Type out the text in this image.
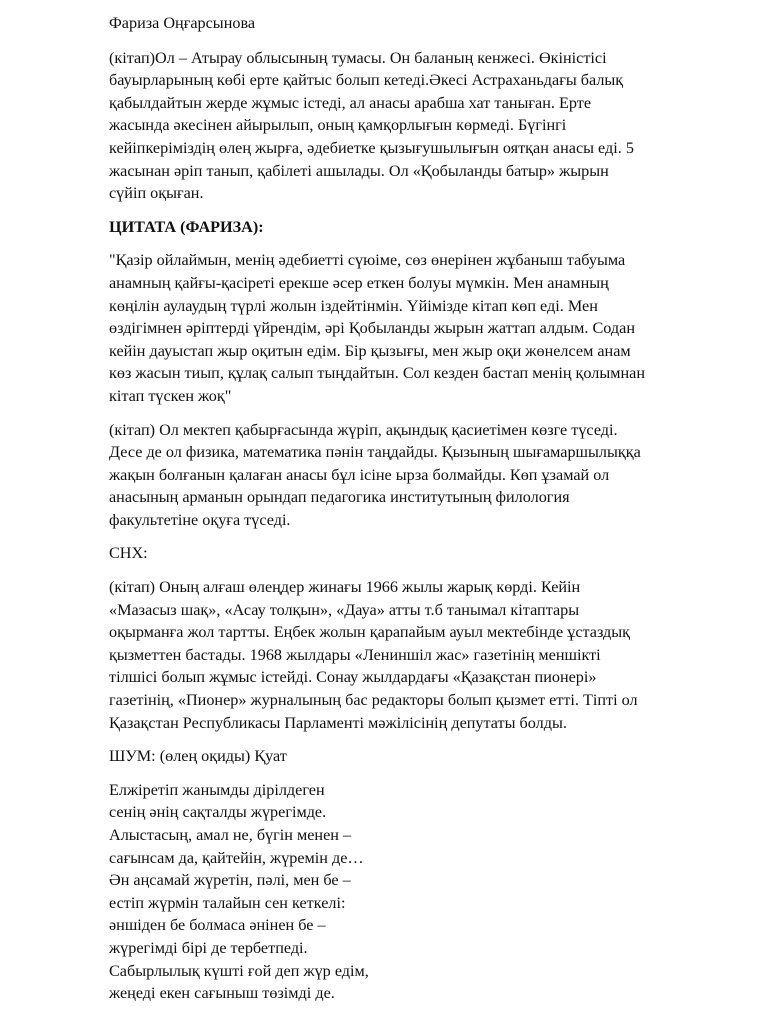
Фариза Оңғарсынова
(кітап)Ол – Атырау облысының тумасы. Он баланың кенжесі. Өкіністісі
бауырларының көбі ерте қайтыс болып кетеді.Әкесі Астраханьдағы балық
қабылдайтын жерде жұмыс істеді, ал анасы арабша хат таныған. Ерте
жасында әкесінен айырылып, оның қамқорлығын көрмеді. Бүгінгі
кейіпкеріміздің өлең жырға, әдебиетке қызығушылығын оятқан анасы еді. 5
жасынан әріп танып, қабілеті ашылады. Ол «Қобыланды батыр» жырын
сүйіп оқыған.
ЦИТАТА (ФАРИЗА):
"Қазір ойлаймын, менің әдебиетті сүюіме, сөз өнерінен жұбаныш табуыма
анамның қайғы-қасіреті ерекше әсер еткен болуы мүмкін. Мен анамның
көңілін аулаудың түрлі жолын іздейтінмін. Үйімізде кітап көп еді. Мен
өздігімнен әріптерді үйрендім, әрі Қобыланды жырын жаттап алдым. Содан
кейін дауыстап жыр оқитын едім. Бір қызығы, мен жыр оқи жөнелсем анам
көз жасын тиып, құлақ салып тыңдайтын. Сол кезден бастап менің қолымнан
кітап түскен жоқ"
(кітап) Ол мектеп қабырғасында жүріп, ақындық қасиетімен көзге түседі.
Десе де ол физика, математика пәнін таңдайды. Қызының шығамаршылыққа
жақын болғанын қалаған анасы бұл ісіне ырза болмайды. Көп ұзамай ол
анасының арманын орындап педагогика институтының филология
факультетіне оқуға түседі.
СНХ:
(кітап) Оның алғаш өлеңдер жинағы 1966 жылы жарық көрді. Кейін
«Мазасыз шақ», «Асау толқын», «Дауа» атты т.б танымал кітаптары
оқырманға жол тартты. Еңбек жолын қарапайым ауыл мектебінде ұстаздық
қызметтен бастады. 1968 жылдары «Лениншіл жас» газетінің меншікті
тілшісі болып жұмыс істейді. Сонау жылдардағы «Қазақстан пионері»
газетінің, «Пионер» журналының бас редакторы болып қызмет етті. Тіпті ол
Қазақстан Республикасы Парламенті мәжілісінің депутаты болды.
ШУМ: (өлең оқиды) Қуат
Елжіретіп жанымды дірілдеген
сенің әнің сақталды жүрегімде.
Алыстасың, амал не, бүгін менен –
сағынсам да, қайтейін, жүремін де…
Ән аңсамай жүретін, пәлі, мен бе –
естіп жүрмін талайын сен кеткелі:
әншіден бе болмаса әнінен бе –
жүрегімді бірі де тербетпеді.
Сабырлылық күшті ғой деп жүр едім,
жеңеді екен сағыныш төзімді де.
